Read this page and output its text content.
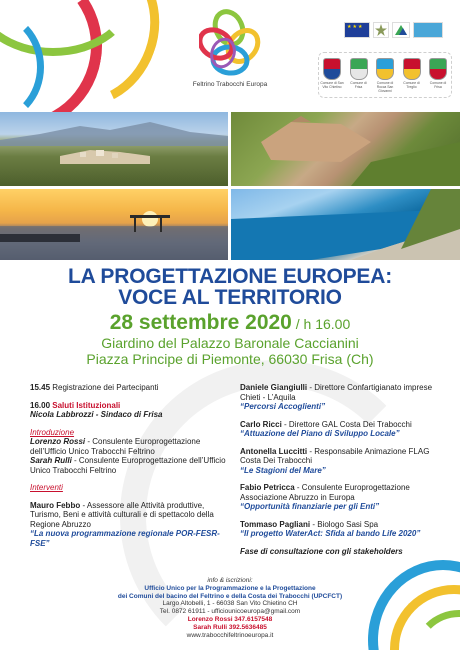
Feltrino Trabocchi Europa
★★★	Comune di San Vito Chietino
Comune di Frisa
Comune di Rocca San Giovanni
Comune di Treglio
Comune di Frisa
LA PROGETTAZIONE EUROPEA:
VOCE AL TERRITORIO
28 settembre 2020 / h 16.00
Giardino del Palazzo Baronale Caccianini
Piazza Principe di Piemonte, 66030 Frisa (Ch)
15.45 Registrazione dei Partecipanti
16.00 Saluti Istituzionali
Nicola Labbrozzi - Sindaco di Frisa
Introduzione
Lorenzo Rossi - Consulente Europrogettazione dell’Ufficio Unico Trabocchi Feltrino
Sarah Rulli - Consulente Europrogettazione dell’Ufficio Unico Trabocchi Feltrino
Interventi
Mauro Febbo - Assessore alle Attività produttive, Turismo, Beni e attività culturali e di spettacolo della Regione Abruzzo
“La nuova programmazione regionale POR-FESR-FSE”
Daniele Giangiulli - Direttore Confartigianato imprese Chieti - L’Aquila
“Percorsi Accoglienti”
Carlo Ricci - Direttore GAL Costa Dei Trabocchi
“Attuazione del Piano di Sviluppo Locale”
Antonella Luccitti - Responsabile Animazione FLAG Costa Dei Trabocchi
“Le Stagioni del Mare”
Fabio Petricca - Consulente Europrogettazione Associazione Abruzzo in Europa
“Opportunità finanziarie per gli Enti”
Tommaso Pagliani - Biologo Sasi Spa
“Il progetto WaterAct: Sfida al bando Life 2020”
Fase di consultazione con gli stakeholders
info & iscrizioni:
Ufficio Unico per la Programmazione e la Progettazione
dei Comuni del bacino del Feltrino e della Costa dei Trabocchi (UPCFCT)
Largo Altobelli, 1 - 66038 San Vito Chietino CH
Tel. 0872 61911 - ufficiounicoeuropa@gmail.com
Lorenzo Rossi 347.6157548
Sarah Rulli 392.5636485
www.trabocchifeltrinoeuropa.it
